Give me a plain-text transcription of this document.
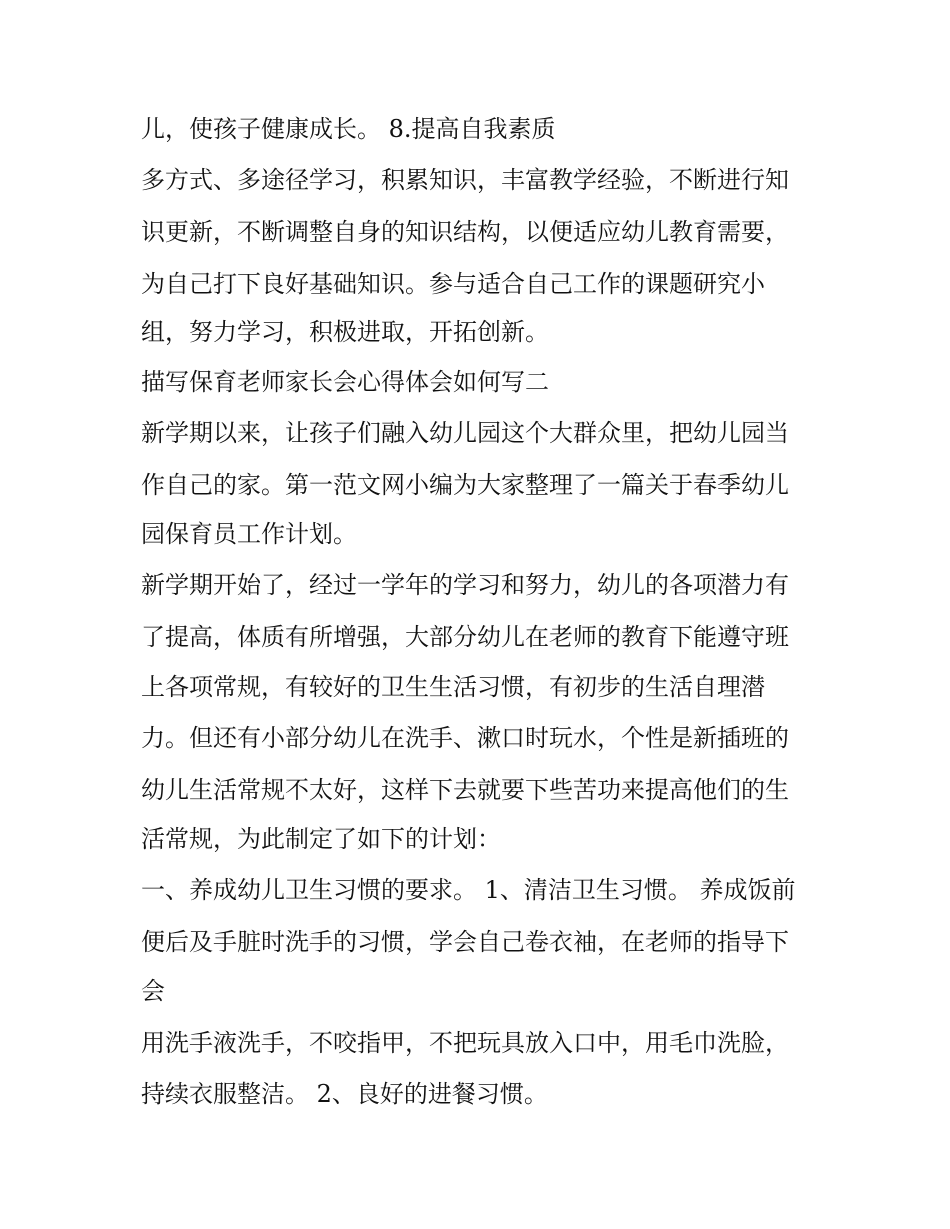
儿，使孩子健康成长。 8.提高自我素质
多方式、多途径学习，积累知识，丰富教学经验，不断进行知
识更新，不断调整自身的知识结构，以便适应幼儿教育需要，
为自己打下良好基础知识。参与适合自己工作的课题研究小
组，努力学习，积极进取，开拓创新。
描写保育老师家长会心得体会如何写二
新学期以来，让孩子们融入幼儿园这个大群众里，把幼儿园当
作自己的家。第一范文网小编为大家整理了一篇关于春季幼儿
园保育员工作计划。
新学期开始了，经过一学年的学习和努力，幼儿的各项潜力有
了提高，体质有所增强，大部分幼儿在老师的教育下能遵守班
上各项常规，有较好的卫生生活习惯，有初步的生活自理潜
力。但还有小部分幼儿在洗手、漱口时玩水，个性是新插班的
幼儿生活常规不太好，这样下去就要下些苦功来提高他们的生
活常规，为此制定了如下的计划：
一、养成幼儿卫生习惯的要求。 1、清洁卫生习惯。 养成饭前
便后及手脏时洗手的习惯，学会自己卷衣袖，在老师的指导下
会
用洗手液洗手，不咬指甲，不把玩具放入口中，用毛巾洗脸，
持续衣服整洁。 2、良好的进餐习惯。
